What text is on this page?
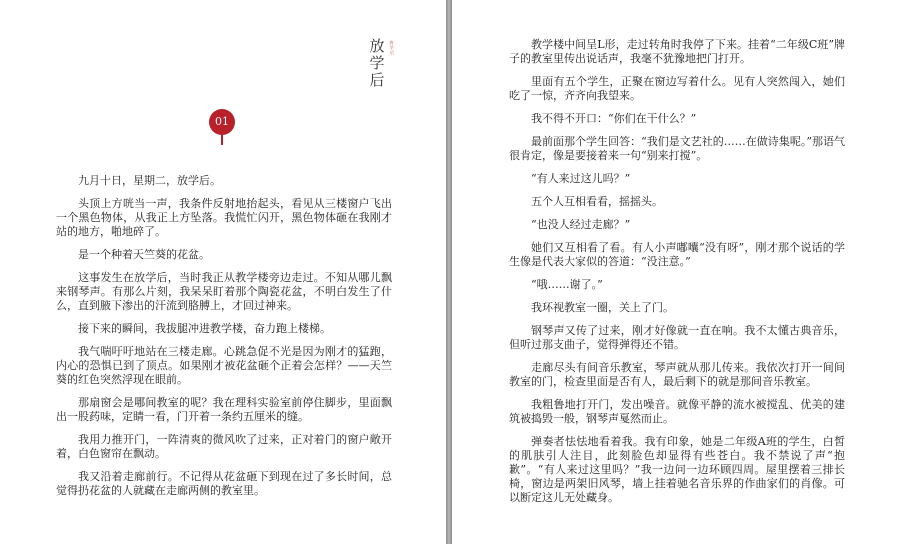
放学后
放·学·后
01

九月十日，星期二，放学后。

头顶上方咣当一声，我条件反射地抬起头，看见从三楼窗户飞出一个黑色物体，从我正上方坠落。我慌忙闪开，黑色物体砸在我刚才站的地方，啪地碎了。

是一个种着天竺葵的花盆。

这事发生在放学后，当时我正从教学楼旁边走过。不知从哪儿飘来钢琴声。有那么片刻，我呆呆盯着那个陶瓷花盆，不明白发生了什么，直到腋下渗出的汗流到胳膊上，才回过神来。

接下来的瞬间，我拔腿冲进教学楼，奋力跑上楼梯。

我气喘吁吁地站在三楼走廊。心跳急促不光是因为刚才的猛跑，内心的恐惧已到了顶点。如果刚才被花盆砸个正着会怎样？——天竺葵的红色突然浮现在眼前。

那扇窗会是哪间教室的呢？我在理科实验室前停住脚步，里面飘出一股药味，定睛一看，门开着一条约五厘米的缝。

我用力推开门，一阵清爽的微风吹了过来，正对着门的窗户敞开着，白色窗帘在飘动。

我又沿着走廊前行。不记得从花盆砸下到现在过了多长时间，总觉得扔花盆的人就藏在走廊两侧的教室里。

教学楼中间呈L形，走过转角时我停了下来。挂着“二年级C班”牌子的教室里传出说话声，我毫不犹豫地把门打开。

里面有五个学生，正聚在窗边写着什么。见有人突然闯入，她们吃了一惊，齐齐向我望来。

我不得不开口：“你们在干什么？”

最前面那个学生回答：“我们是文艺社的……在做诗集呢。”那语气很肯定，像是要接着来一句“别来打搅”。

“有人来过这儿吗？”

五个人互相看看，摇摇头。

“也没人经过走廊？”

她们又互相看了看。有人小声嘟囔“没有呀”，刚才那个说话的学生像是代表大家似的答道：“没注意。”

“哦……谢了。”

我环视教室一圈，关上了门。

钢琴声又传了过来，刚才好像就一直在响。我不太懂古典音乐，但听过那支曲子，觉得弹得还不错。

走廊尽头有间音乐教室，琴声就从那儿传来。我依次打开一间间教室的门，检查里面是否有人，最后剩下的就是那间音乐教室。

我粗鲁地打开门，发出噪音。就像平静的流水被搅乱、优美的建筑被捣毁一般，钢琴声戛然而止。

弹奏者怯怯地看着我。我有印象，她是二年级A班的学生，白皙的肌肤引人注目，此刻脸色却显得有些苍白。我不禁说了声“抱歉”。“有人来过这里吗？”我一边问一边环顾四周。屋里摆着三排长椅，窗边是两架旧风琴，墙上挂着驰名音乐界的作曲家们的肖像。可以断定这儿无处藏身。
